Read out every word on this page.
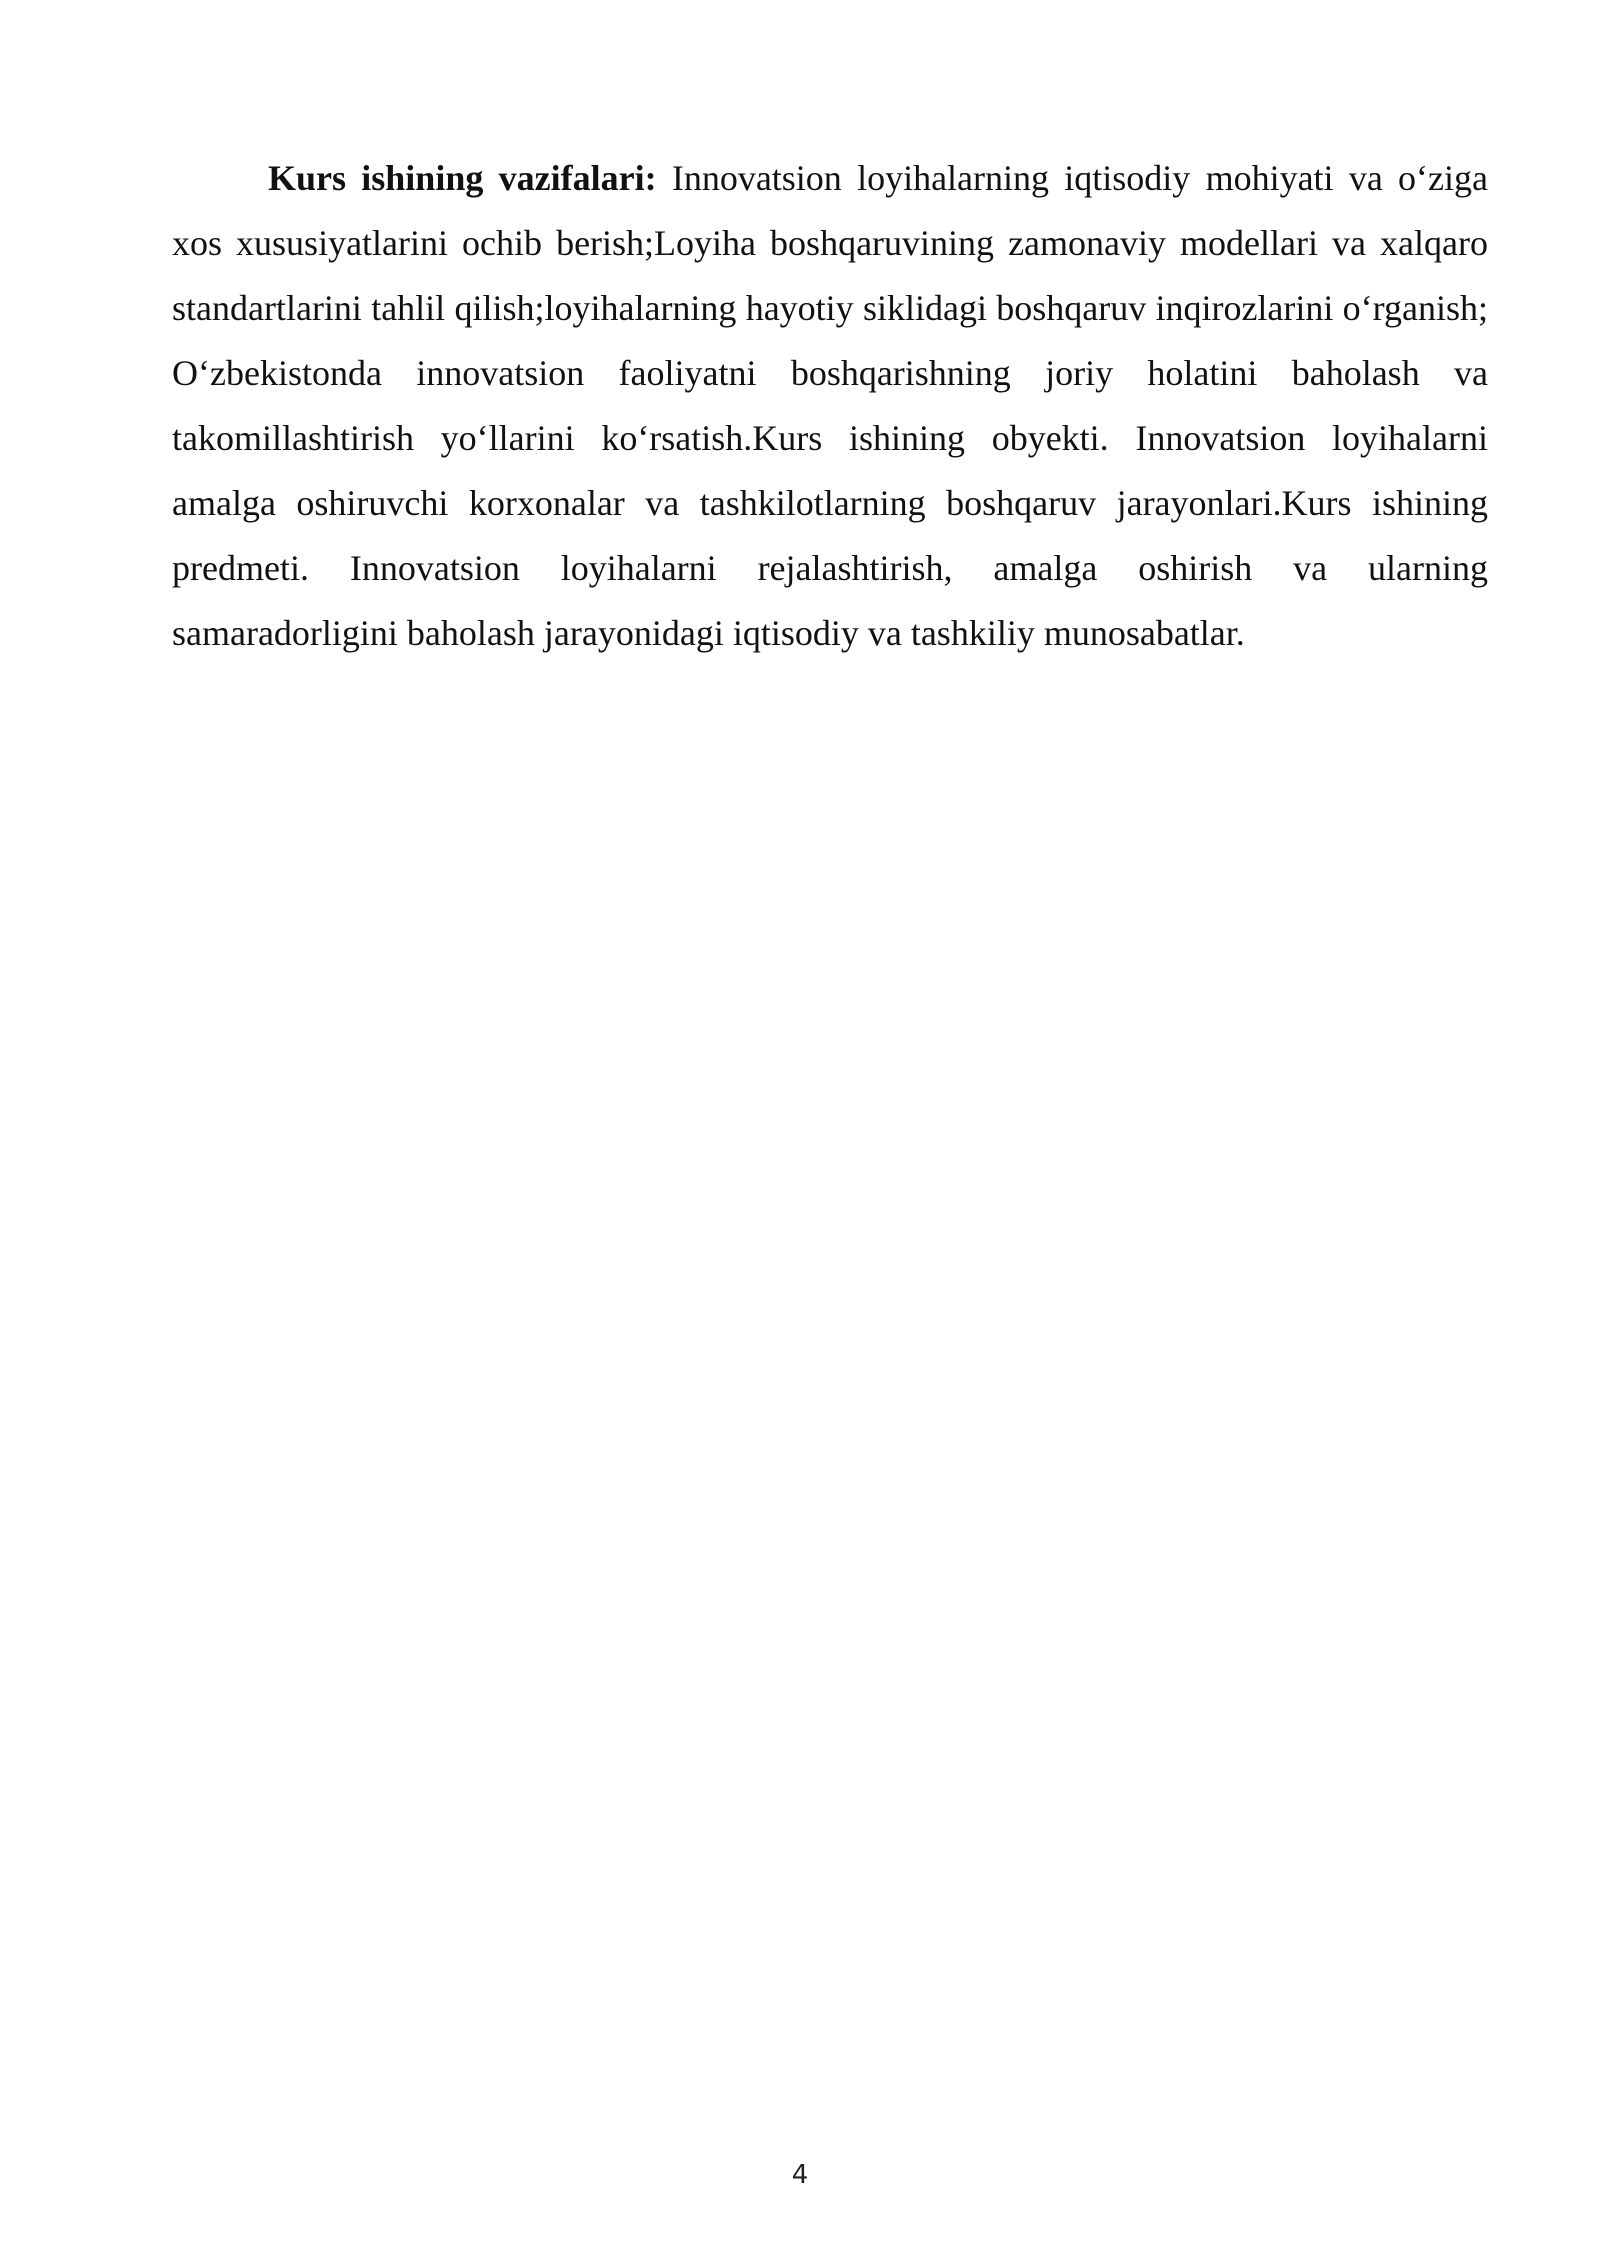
Kurs ishining vazifalari: Innovatsion loyihalarning iqtisodiy mohiyati va o‘ziga xos xususiyatlarini ochib berish;Loyiha boshqaruvining zamonaviy modellari va xalqaro standartlarini tahlil qilish;loyihalarning hayotiy siklidagi boshqaruv inqirozlarini o‘rganish; O‘zbekistonda innovatsion faoliyatni boshqarishning joriy holatini baholash va takomillashtirish yo‘llarini ko‘rsatish.Kurs ishining obyekti. Innovatsion loyihalarni amalga oshiruvchi korxonalar va tashkilotlarning boshqaruv jarayonlari.Kurs ishining predmeti. Innovatsion loyihalarni rejalashtirish, amalga oshirish va ularning samaradorligini baholash jarayonidagi iqtisodiy va tashkiliy munosabatlar.

4
